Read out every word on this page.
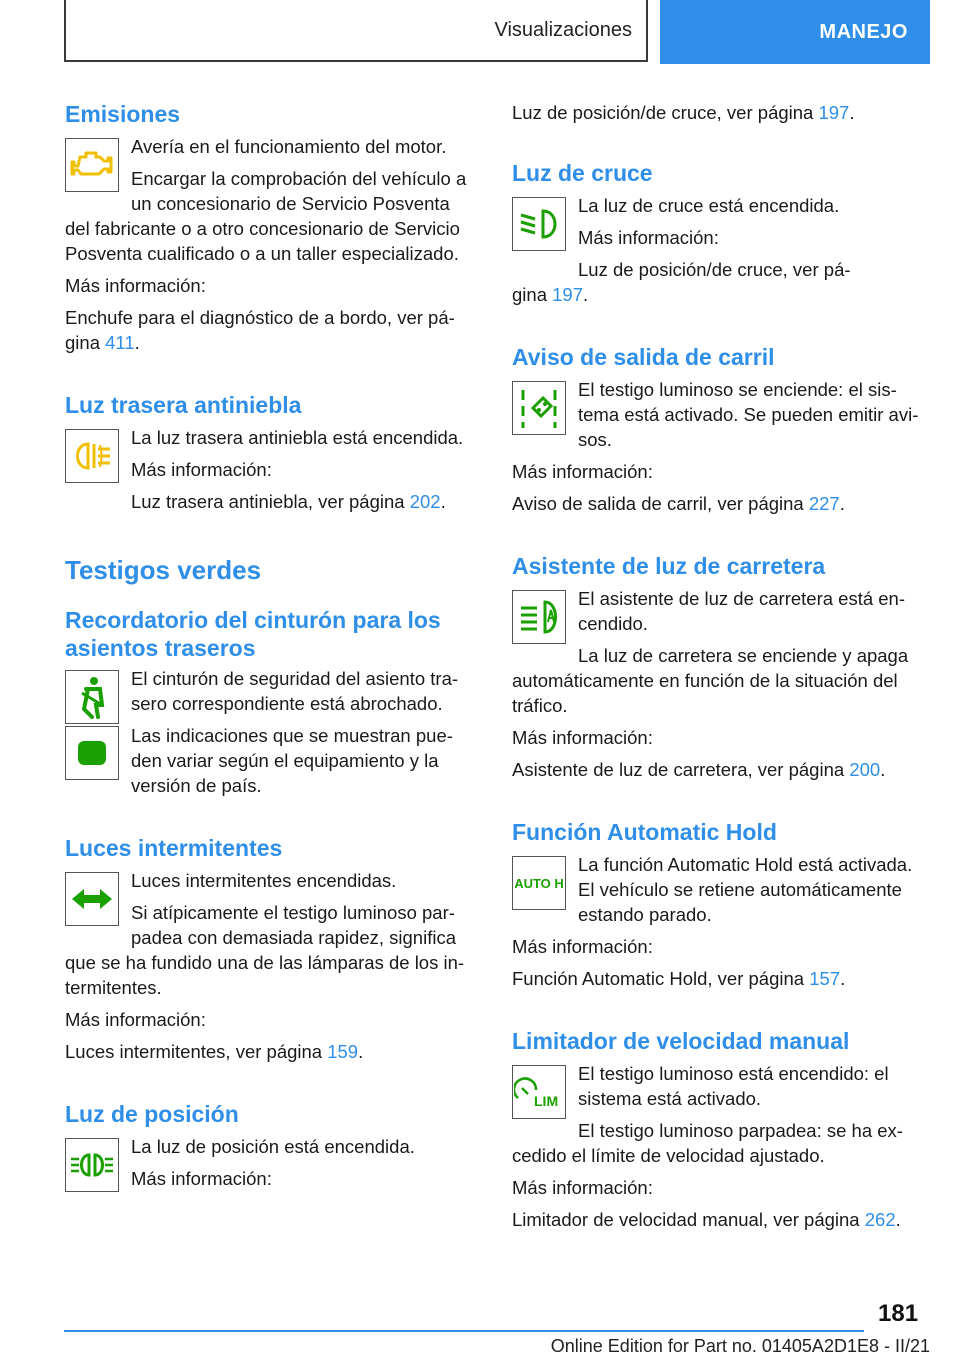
Visualizaciones	MANEJO
Emisiones

Avería en el funcionamiento del motor.

Encargar la comprobación del vehículo a

un concesionario de Servicio Posventa

del fabricante o a otro concesionario de Servicio

Posventa cualificado o a un taller especializado.

Más información:

Enchufe para el diagnóstico de a bordo, ver pá-

gina 411.

Luz trasera antiniebla

La luz trasera antiniebla está encendida.

Más información:

Luz trasera antiniebla, ver página 202.

Testigos verdes
Recordatorio del cinturón para los
asientos traseros

El cinturón de seguridad del asiento tra-

sero correspondiente está abrochado.

Las indicaciones que se muestran pue-

den variar según el equipamiento y la

versión de país.

Luces intermitentes

Luces intermitentes encendidas.

Si atípicamente el testigo luminoso par-

padea con demasiada rapidez, significa

que se ha fundido una de las lámparas de los in-

termitentes.

Más información:

Luces intermitentes, ver página 159.

Luz de posición

La luz de posición está encendida.

Más información:

Luz de posición/de cruce, ver página 197.

Luz de cruce

La luz de cruce está encendida.

Más información:

Luz de posición/de cruce, ver pá-

gina 197.

Aviso de salida de carril

El testigo luminoso se enciende: el sis-

tema está activado. Se pueden emitir avi-

sos.

Más información:

Aviso de salida de carril, ver página 227.

Asistente de luz de carretera

El asistente de luz de carretera está en-

cendido.

La luz de carretera se enciende y apaga

automáticamente en función de la situación del

tráfico.

Más información:

Asistente de luz de carretera, ver página 200.

Función Automatic Hold
AUTO H

La función Automatic Hold está activada.

El vehículo se retiene automáticamente

estando parado.

Más información:

Función Automatic Hold, ver página 157.

Limitador de velocidad manual
LIM

El testigo luminoso está encendido: el

sistema está activado.

El testigo luminoso parpadea: se ha ex-

cedido el límite de velocidad ajustado.

Más información:

Limitador de velocidad manual, ver página 262.

181
Online Edition for Part no. 01405A2D1E8 - II/21
